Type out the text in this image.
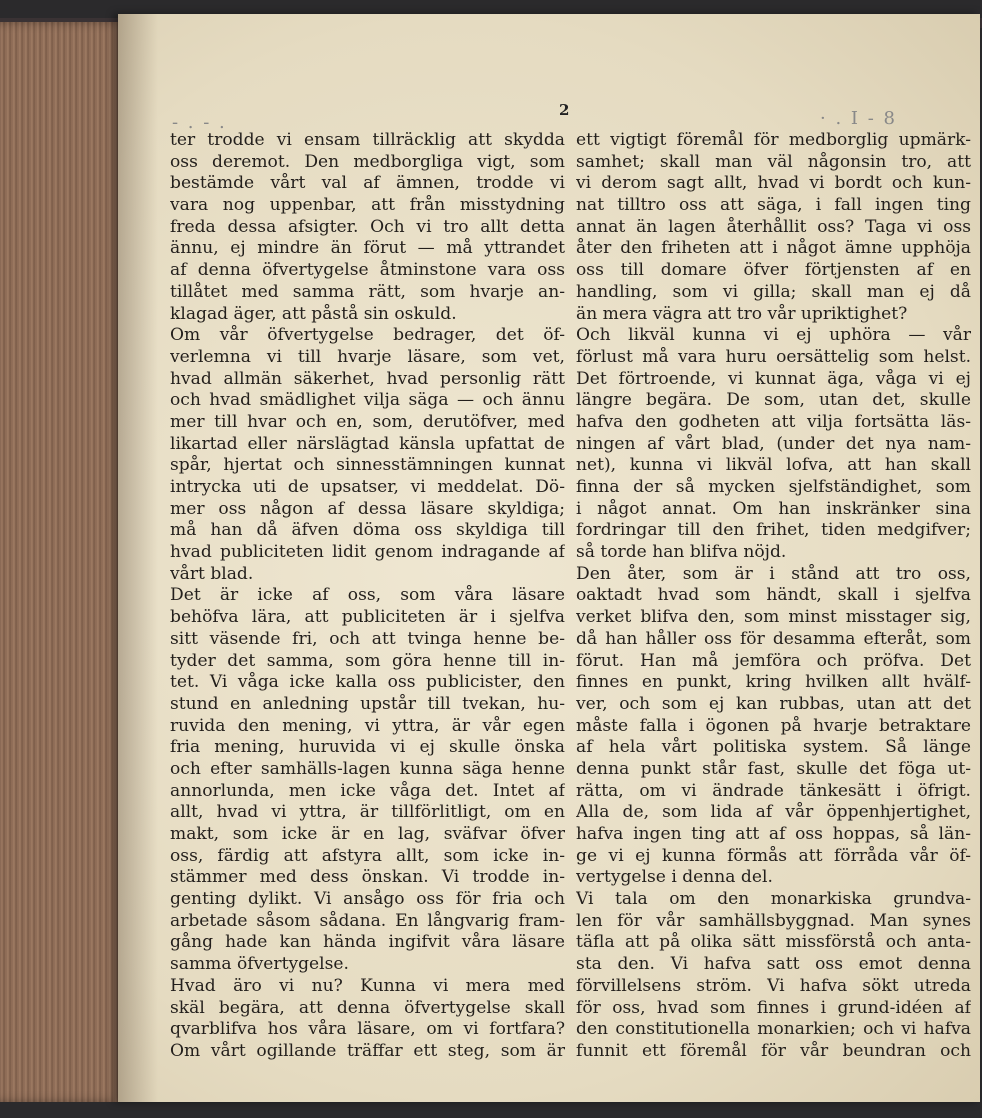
- . - .	· . I - 8
2
ter trodde vi ensam tillräcklig att skydda
oss deremot. Den medborgliga vigt, som
bestämde vårt val af ämnen, trodde vi
vara nog uppenbar, att från misstydning
freda dessa afsigter. Och vi tro allt detta
ännu, ej mindre än förut — må yttrandet
af denna öfvertygelse åtminstone vara oss
tillåtet med samma rätt, som hvarje an-
klagad äger, att påstå sin oskuld.
Om vår öfvertygelse bedrager, det öf-
verlemna vi till hvarje läsare, som vet,
hvad allmän säkerhet, hvad personlig rätt
och hvad smädlighet vilja säga — och ännu
mer till hvar och en, som, derutöfver, med
likartad eller närslägtad känsla upfattat de
spår, hjertat och sinnesstämningen kunnat
intrycka uti de upsatser, vi meddelat. Dö-
mer oss någon af dessa läsare skyldiga;
må han då äfven döma oss skyldiga till
hvad publiciteten lidit genom indragande af
vårt blad.
Det är icke af oss, som våra läsare
behöfva lära, att publiciteten är i sjelfva
sitt väsende fri, och att tvinga henne be-
tyder det samma, som göra henne till in-
tet. Vi våga icke kalla oss publicister, den
stund en anledning upstår till tvekan, hu-
ruvida den mening, vi yttra, är vår egen
fria mening, huruvida vi ej skulle önska
och efter samhälls-lagen kunna säga henne
annorlunda, men icke våga det. Intet af
allt, hvad vi yttra, är tillförlitligt, om en
makt, som icke är en lag, sväfvar öfver
oss, färdig att afstyra allt, som icke in-
stämmer med dess önskan. Vi trodde in-
genting dylikt. Vi ansågo oss för fria och
arbetade såsom sådana. En långvarig fram-
gång hade kan hända ingifvit våra läsare
samma öfvertygelse.
Hvad äro vi nu? Kunna vi mera med
skäl begära, att denna öfvertygelse skall
qvarblifva hos våra läsare, om vi fortfara?
Om vårt ogillande träffar ett steg, som är
ett vigtigt föremål för medborglig upmärk-
samhet; skall man väl någonsin tro, att
vi derom sagt allt, hvad vi bordt och kun-
nat tilltro oss att säga, i fall ingen ting
annat än lagen återhållit oss? Taga vi oss
åter den friheten att i något ämne upphöja
oss till domare öfver förtjensten af en
handling, som vi gilla; skall man ej då
än mera vägra att tro vår upriktighet?
Och likväl kunna vi ej uphöra — vår
förlust må vara huru oersättelig som helst.
Det förtroende, vi kunnat äga, våga vi ej
längre begära. De som, utan det, skulle
hafva den godheten att vilja fortsätta läs-
ningen af vårt blad, (under det nya nam-
net), kunna vi likväl lofva, att han skall
finna der så mycken sjelfständighet, som
i något annat. Om han inskränker sina
fordringar till den frihet, tiden medgifver;
så torde han blifva nöjd.
Den åter, som är i stånd att tro oss,
oaktadt hvad som händt, skall i sjelfva
verket blifva den, som minst misstager sig,
då han håller oss för desamma efteråt, som
förut. Han må jemföra och pröfva. Det
finnes en punkt, kring hvilken allt hvälf-
ver, och som ej kan rubbas, utan att det
måste falla i ögonen på hvarje betraktare
af hela vårt politiska system. Så länge
denna punkt står fast, skulle det föga ut-
rätta, om vi ändrade tänkesätt i öfrigt.
Alla de, som lida af vår öppenhjertighet,
hafva ingen ting att af oss hoppas, så län-
ge vi ej kunna förmås att förråda vår öf-
vertygelse i denna del.
Vi tala om den monarkiska grundva-
len för vår samhällsbyggnad. Man synes
täfla att på olika sätt missförstå och anta-
sta den. Vi hafva satt oss emot denna
förvillelsens ström. Vi hafva sökt utreda
för oss, hvad som finnes i grund-idéen af
den constitutionella monarkien; och vi hafva
funnit ett föremål för vår beundran och
